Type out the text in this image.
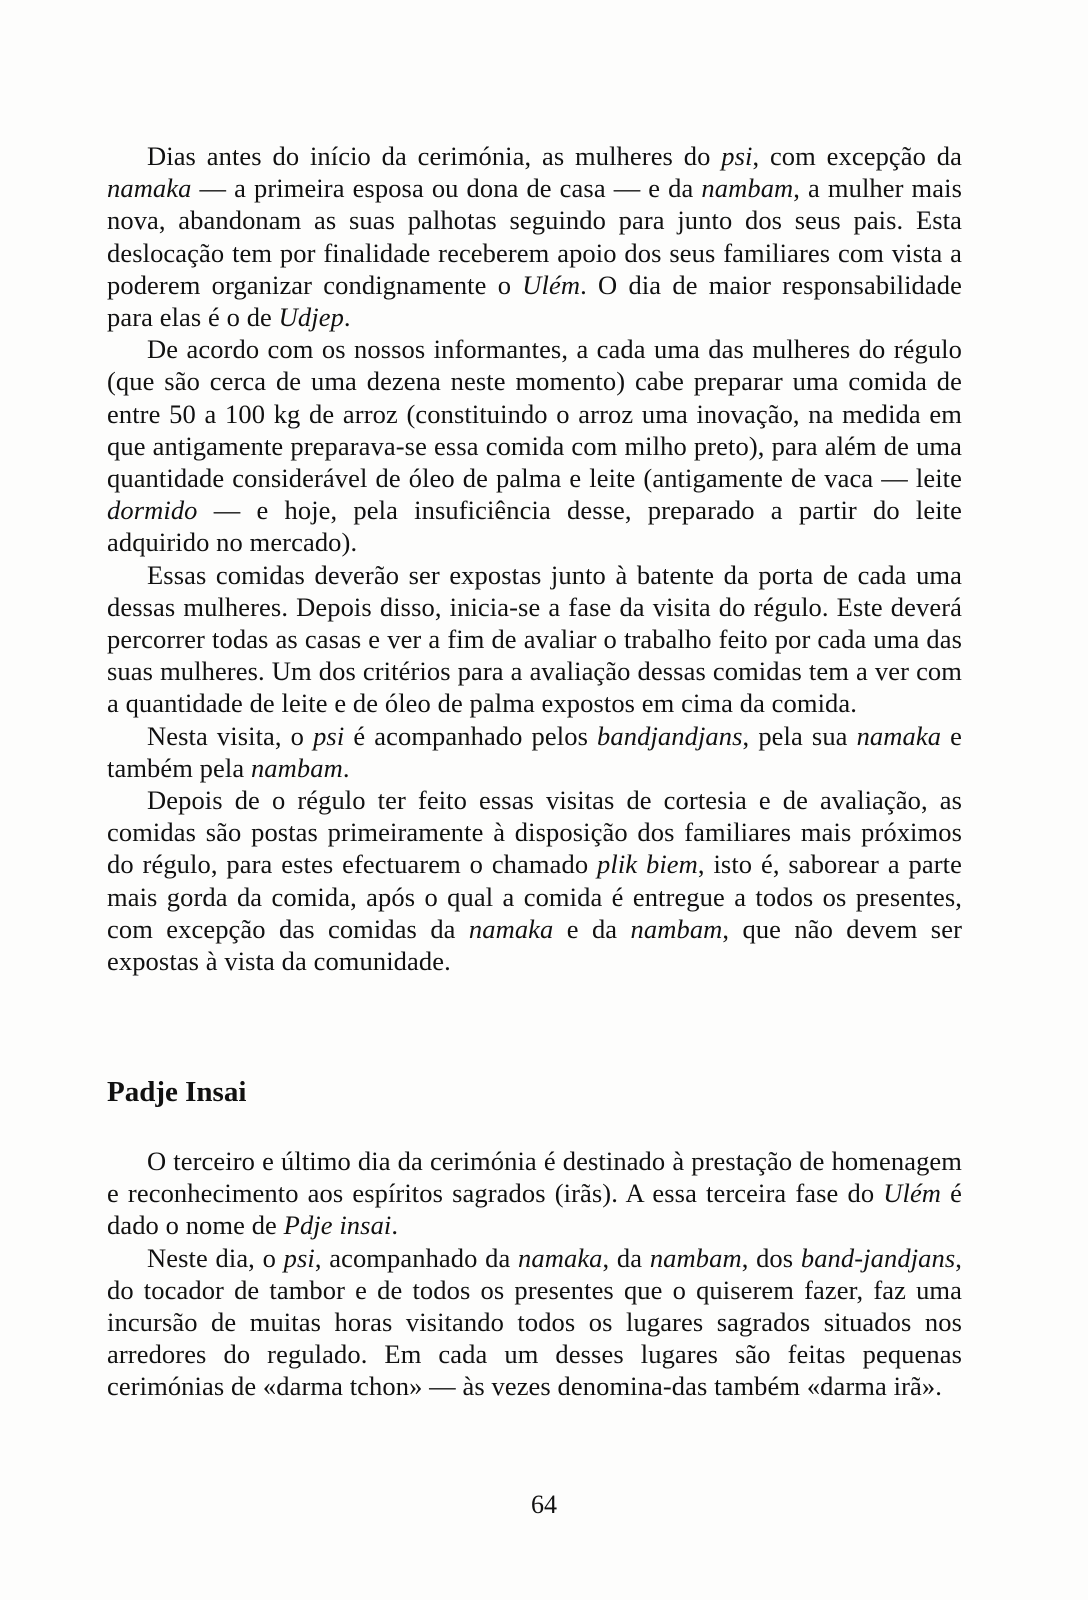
Dias antes do início da cerimónia, as mulheres do psi, com excepção da namaka — a primeira esposa ou dona de casa — e da nambam, a mulher mais nova, abandonam as suas palhotas seguindo para junto dos seus pais. Esta deslocação tem por finalidade receberem apoio dos seus familiares com vista a poderem organizar condignamente o Ulém. O dia de maior responsabilidade para elas é o de Udjep.

De acordo com os nossos informantes, a cada uma das mulheres do régulo (que são cerca de uma dezena neste momento) cabe preparar uma comida de entre 50 a 100 kg de arroz (constituindo o arroz uma inovação, na medida em que antigamente preparava-se essa comida com milho preto), para além de uma quantidade considerável de óleo de palma e leite (antigamente de vaca — leite dormido — e hoje, pela insuficiência desse, preparado a partir do leite adquirido no mercado).

Essas comidas deverão ser expostas junto à batente da porta de cada uma dessas mulheres. Depois disso, inicia-se a fase da visita do régulo. Este deverá percorrer todas as casas e ver a fim de avaliar o trabalho feito por cada uma das suas mulheres. Um dos critérios para a avaliação dessas comidas tem a ver com a quantidade de leite e de óleo de palma expostos em cima da comida.

Nesta visita, o psi é acompanhado pelos bandjandjans, pela sua namaka e também pela nambam.

Depois de o régulo ter feito essas visitas de cortesia e de avaliação, as comidas são postas primeiramente à disposição dos familiares mais próximos do régulo, para estes efectuarem o chamado plik biem, isto é, saborear a parte mais gorda da comida, após o qual a comida é entregue a todos os presentes, com excepção das comidas da namaka e da nambam, que não devem ser expostas à vista da comunidade.

Padje Insai

O terceiro e último dia da cerimónia é destinado à prestação de homenagem e reconhecimento aos espíritos sagrados (irãs). A essa terceira fase do Ulém é dado o nome de Pdje insai.

Neste dia, o psi, acompanhado da namaka, da nambam, dos band-jandjans, do tocador de tambor e de todos os presentes que o quiserem fazer, faz uma incursão de muitas horas visitando todos os lugares sagrados situados nos arredores do regulado. Em cada um desses lugares são feitas pequenas cerimónias de «darma tchon» — às vezes denomina-das também «darma irã».

64
